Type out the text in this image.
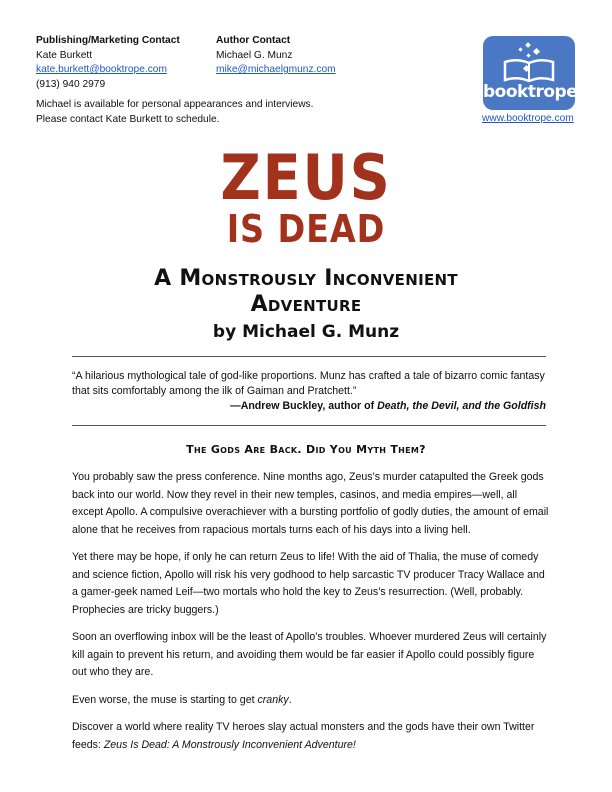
Publishing/Marketing Contact
Kate Burkett
kate.burkett@booktrope.com
(913) 940 2979
Author Contact
Michael G. Munz
mike@michaelgmunz.com
Michael is available for personal appearances and interviews.
Please contact Kate Burkett to schedule.
booktrope
www.booktrope.com
ZEUS
IS DEAD
A Monstrously Inconvenient
Adventure
by Michael G. Munz
“A hilarious mythological tale of god-like proportions. Munz has crafted a tale of bizarro comic fantasy that sits comfortably among the ilk of Gaiman and Pratchett.”
—Andrew Buckley, author of Death, the Devil, and the Goldfish
The Gods Are Back. Did You Myth Them?

You probably saw the press conference. Nine months ago, Zeus’s murder catapulted the Greek gods back into our world. Now they revel in their new temples, casinos, and media empires—well, all except Apollo. A compulsive overachiever with a bursting portfolio of godly duties, the amount of email alone that he receives from rapacious mortals turns each of his days into a living hell.

Yet there may be hope, if only he can return Zeus to life! With the aid of Thalia, the muse of comedy and science fiction, Apollo will risk his very godhood to help sarcastic TV producer Tracy Wallace and a gamer-geek named Leif—two mortals who hold the key to Zeus’s resurrection. (Well, probably. Prophecies are tricky buggers.)

Soon an overflowing inbox will be the least of Apollo’s troubles. Whoever murdered Zeus will certainly kill again to prevent his return, and avoiding them would be far easier if Apollo could possibly figure out who they are.

Even worse, the muse is starting to get cranky.

Discover a world where reality TV heroes slay actual monsters and the gods have their own Twitter feeds: Zeus Is Dead: A Monstrously Inconvenient Adventure!
